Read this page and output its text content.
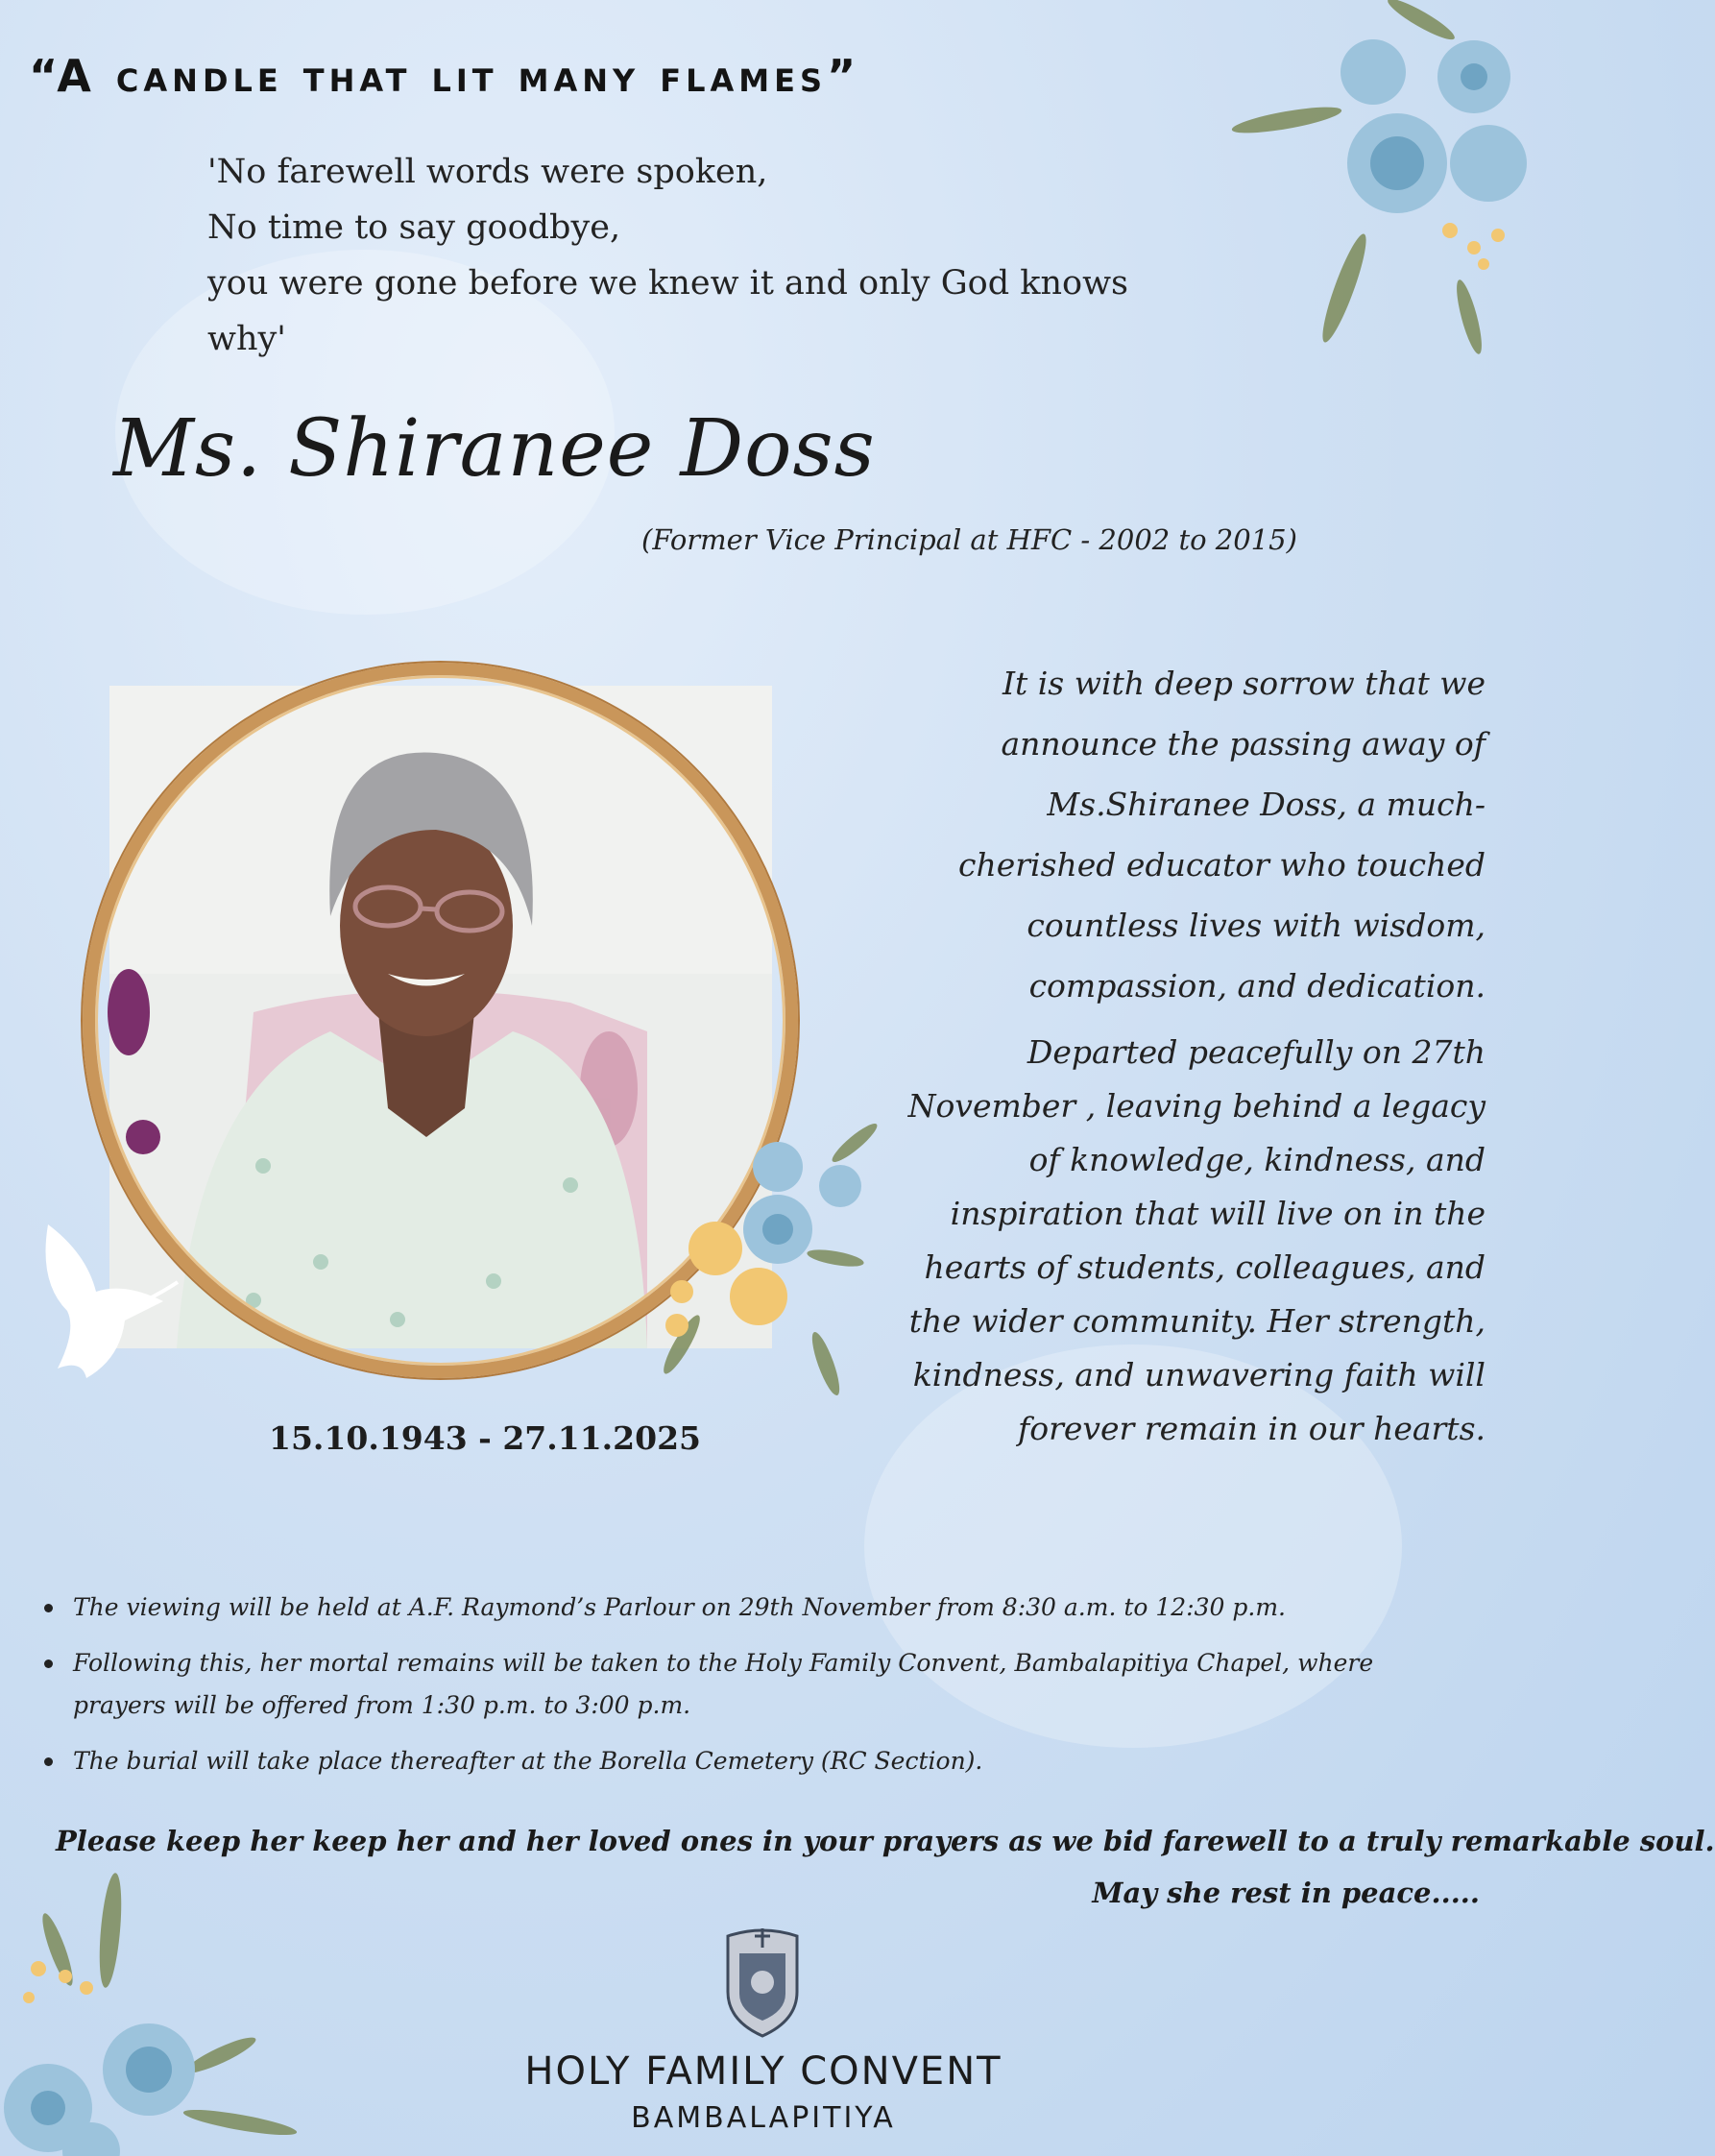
“A candle that lit many flames”
'No farewell words were spoken,
No time to say goodbye,
you were gone before we knew it and only God knows why'
Ms. Shiranee Doss
(Former Vice Principal at HFC - 2002 to 2015)

It is with deep sorrow that we announce the passing away of Ms.Shiranee Doss, a much-cherished educator who touched countless lives with wisdom, compassion, and dedication.

Departed peacefully on 27th November , leaving behind a legacy of knowledge, kindness, and inspiration that will live on in the hearts of students, colleagues, and the wider community. Her strength, kindness, and unwavering faith will forever remain in our hearts.

15.10.1943 - 27.11.2025
The viewing will be held at A.F. Raymond’s Parlour on 29th November from 8:30 a.m. to 12:30 p.m.
Following this, her mortal remains will be taken to the Holy Family Convent, Bambalapitiya Chapel, where prayers will be offered from 1:30 p.m. to 3:00 p.m.
The burial will take place thereafter at the Borella Cemetery (RC Section).
Please keep her keep her and her loved ones in your prayers as we bid farewell to a truly remarkable soul.
May she rest in peace.....
HOLY FAMILY CONVENT
BAMBALAPITIYA
